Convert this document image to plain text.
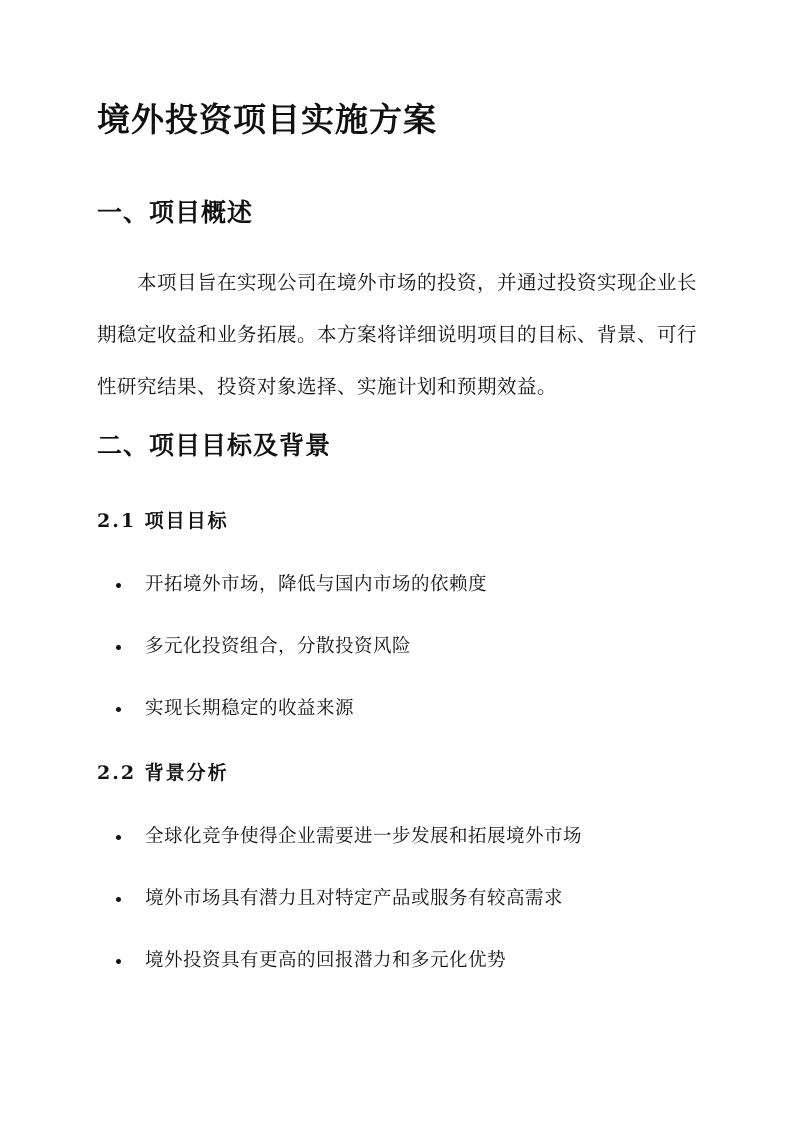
境外投资项目实施方案
一、项目概述

本项目旨在实现公司在境外市场的投资，并通过投资实现企业长期稳定收益和业务拓展。本方案将详细说明项目的目标、背景、可行性研究结果、投资对象选择、实施计划和预期效益。

二、项目目标及背景
2.1 项目目标
开拓境外市场，降低与国内市场的依赖度
多元化投资组合，分散投资风险
实现长期稳定的收益来源
2.2 背景分析
全球化竞争使得企业需要进一步发展和拓展境外市场
境外市场具有潜力且对特定产品或服务有较高需求
境外投资具有更高的回报潜力和多元化优势
